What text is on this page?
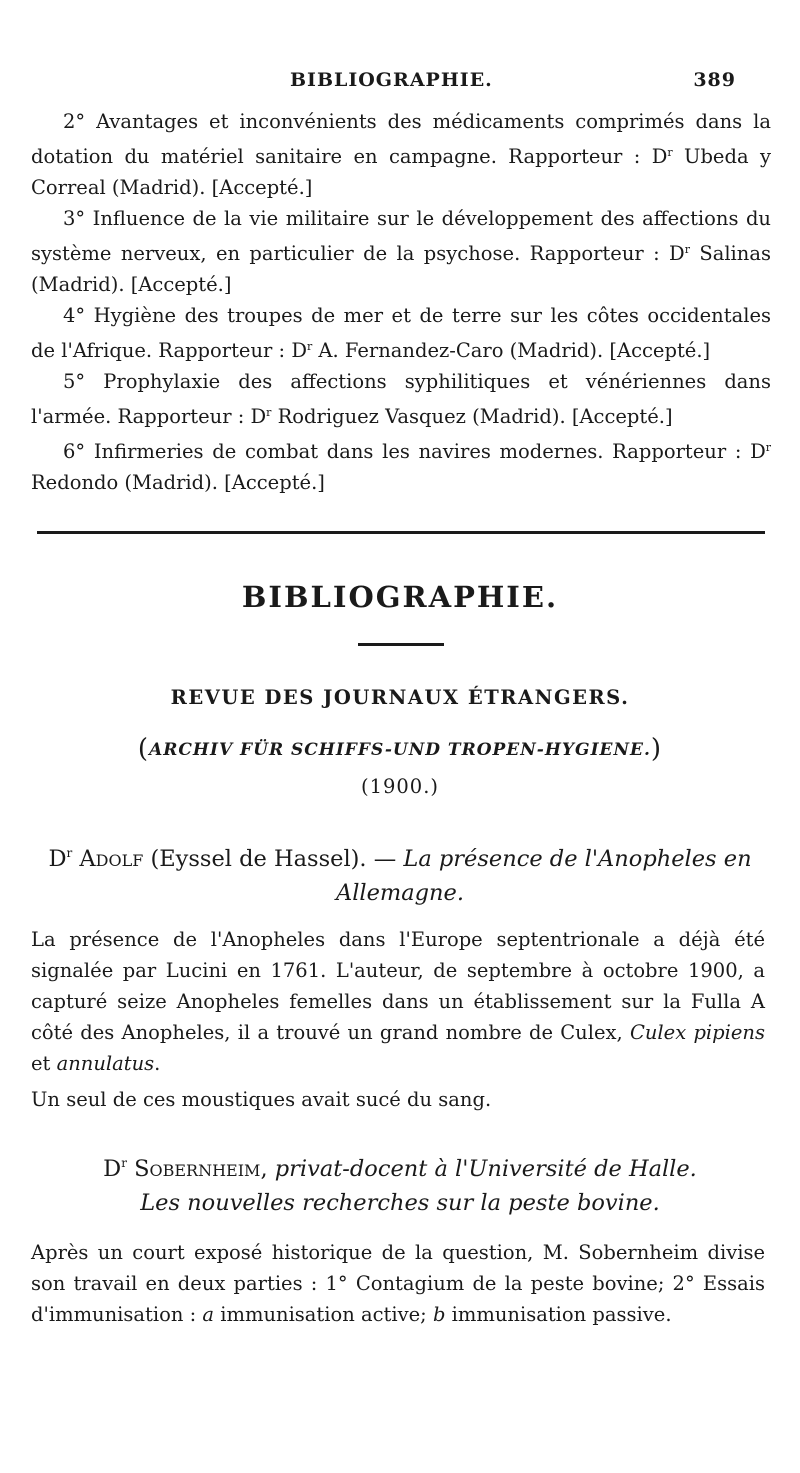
BIBLIOGRAPHIE.	389

2° Avantages et inconvénients des médicaments comprimés dans la dotation du matériel sanitaire en campagne. Rapporteur : $D^r$ Ubeda y Correal (Madrid). [Accepté.]

3° Influence de la vie militaire sur le développement des affections du système nerveux, en particulier de la psychose. Rapporteur : $D^r$ Salinas (Madrid). [Accepté.]

4° Hygiène des troupes de mer et de terre sur les côtes occidentales de l'Afrique. Rapporteur : $D^r$ A. Fernandez-Caro (Madrid). [Accepté.]

5° Prophylaxie des affections syphilitiques et vénériennes dans l'armée. Rapporteur : $D^r$ Rodriguez Vasquez (Madrid). [Accepté.]

6° Infirmeries de combat dans les navires modernes. Rapporteur : $D^r$ Redondo (Madrid). [Accepté.]

BIBLIOGRAPHIE.
REVUE DES JOURNAUX ÉTRANGERS.
(ARCHIV FÜR SCHIFFS-UND TROPEN-HYGIENE.)
(1900.)
$D^r$ Adolf (Eyssel de Hassel). — La présence de l'Anopheles en Allemagne.

La présence de l'Anopheles dans l'Europe septentrionale a déjà été signalée par Lucini en 1761. L'auteur, de septembre à octobre 1900, a capturé seize Anopheles femelles dans un établissement sur la Fulla A côté des Anopheles, il a trouvé un grand nombre de Culex, Culex pipiens et annulatus.

Un seul de ces moustiques avait sucé du sang.

$D^r$ Sobernheim, privat-docent à l'Université de Halle.
Les nouvelles recherches sur la peste bovine.

Après un court exposé historique de la question, M. Sobernheim divise son travail en deux parties : 1° Contagium de la peste bovine; 2° Essais d'immunisation : a immunisation active; b immunisation passive.
